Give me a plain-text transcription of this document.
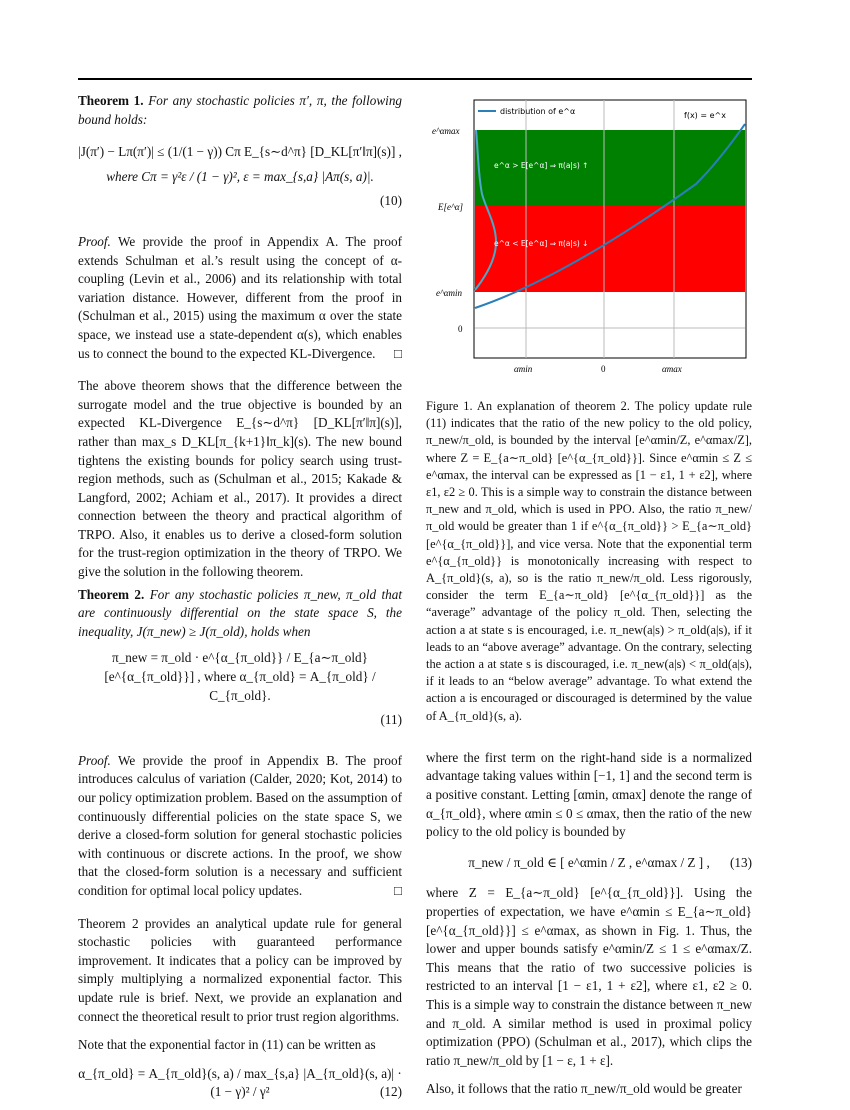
Theorem 1. For any stochastic policies π′, π, the following bound holds:

|J(π′) − Lπ(π′)| ≤ (1/(1 − γ)) Cπ E_{s∼d^π} [D_KL[π′‖π](s)] ,
where Cπ = γ²ε / (1 − γ)², ε = max_{s,a} |Aπ(s, a)|.
(10)

Proof. We provide the proof in Appendix A. The proof extends Schulman et al.’s result using the concept of α-coupling (Levin et al., 2006) and its relationship with total variation distance. However, different from the proof in (Schulman et al., 2015) using the maximum α over the state space, we instead use a state-dependent α(s), which enables us to connect the bound to the expected KL-Divergence. □

The above theorem shows that the difference between the surrogate model and the true objective is bounded by an expected KL-Divergence E_{s∼d^π} [D_KL[π′‖π](s)], rather than max_s D_KL[π_{k+1}‖π_k](s). The new bound tightens the existing bounds for policy search using trust-region methods, such as (Schulman et al., 2015; Kakade & Langford, 2002; Achiam et al., 2017). It provides a direct connection between the theory and practical algorithm of TRPO. Also, it enables us to derive a closed-form solution for the trust-region optimization in the theory of TRPO. We give the solution in the following theorem.

Theorem 2. For any stochastic policies π_new, π_old that are continuously differential on the state space S, the inequality, J(π_new) ≥ J(π_old), holds when

π_new = π_old · e^{α_{π_old}} / E_{a∼π_old} [e^{α_{π_old}}] , where α_{π_old} = A_{π_old} / C_{π_old}.
(11)

Proof. We provide the proof in Appendix B. The proof introduces calculus of variation (Calder, 2020; Kot, 2014) to our policy optimization problem. Based on the assumption of continuously differential policies on the state space S, we derive a closed-form solution for general stochastic policies with continuous or discrete actions. In the proof, we show that the closed-form solution is a necessary and sufficient condition for optimal local policy updates.	□

Theorem 2 provides an analytical update rule for general stochastic policies with guaranteed performance improvement. It indicates that a policy can be improved by simply multiplying a normalized exponential factor. This update rule is brief. Next, we provide an explanation and connect the theoretical result to prior trust region algorithms.

Note that the exponential factor in (11) can be written as

α_{π_old} = A_{π_old}(s, a) / max_{s,a} |A_{π_old}(s, a)| · (1 − γ)² / γ²	(12)
distribution of e^α	f(x) = e^x
e^α > E[e^α] ⇒ π(a|s) ↑
e^α < E[e^α] ⇒ π(a|s) ↓
e^αmax
E[e^α]
e^αmin
0
αmin	0	αmax

Figure 1. An explanation of theorem 2. The policy update rule (11) indicates that the ratio of the new policy to the old policy, π_new/π_old, is bounded by the interval [e^αmin/Z, e^αmax/Z], where Z = E_{a∼π_old} [e^{α_{π_old}}]. Since e^αmin ≤ Z ≤ e^αmax, the interval can be expressed as [1 − ε1, 1 + ε2], where ε1, ε2 ≥ 0. This is a simple way to constrain the distance between π_new and π_old, which is used in PPO. Also, the ratio π_new/π_old would be greater than 1 if e^{α_{π_old}} > E_{a∼π_old} [e^{α_{π_old}}], and vice versa. Note that the exponential term e^{α_{π_old}} is monotonically increasing with respect to A_{π_old}(s, a), so is the ratio π_new/π_old. Less rigorously, consider the term E_{a∼π_old} [e^{α_{π_old}}] as the “average” advantage of the policy π_old. Then, selecting the action a at state s is encouraged, i.e. π_new(a|s) > π_old(a|s), if it leads to an “above average” advantage. On the contrary, selecting the action a at state s is discouraged, i.e. π_new(a|s) < π_old(a|s), if it leads to an “below average” advantage. To what extend the action a is encouraged or discouraged is determined by the value of A_{π_old}(s, a).

where the first term on the right-hand side is a normalized advantage taking values within [−1, 1] and the second term is a positive constant. Letting [αmin, αmax] denote the range of α_{π_old}, where αmin ≤ 0 ≤ αmax, then the ratio of the new policy to the old policy is bounded by

π_new / π_old ∈ [ e^αmin / Z , e^αmax / Z ] , (13)

where Z = E_{a∼π_old} [e^{α_{π_old}}]. Using the properties of expectation, we have e^αmin ≤ E_{a∼π_old} [e^{α_{π_old}}] ≤ e^αmax, as shown in Fig. 1. Thus, the lower and upper bounds satisfy e^αmin/Z ≤ 1 ≤ e^αmax/Z. This means that the ratio of two successive policies is restricted to an interval [1 − ε1, 1 + ε2], where ε1, ε2 ≥ 0. This is a simple way to constrain the distance between π_new and π_old. A similar method is used in proximal policy optimization (PPO) (Schulman et al., 2017), which clips the ratio π_new/π_old by [1 − ε, 1 + ε].

Also, it follows that the ratio π_new/π_old would be greater
